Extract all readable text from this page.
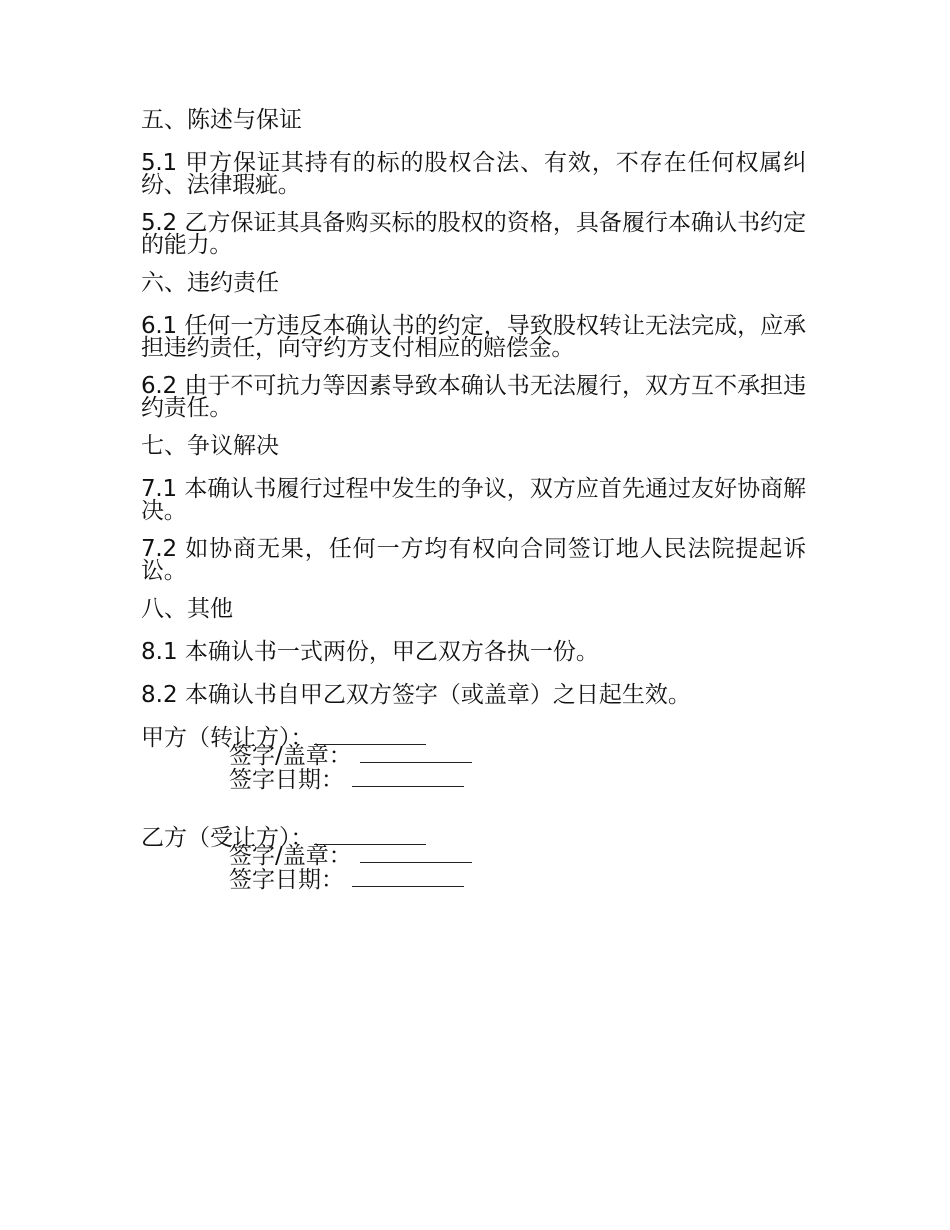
五、陈述与保证
5.1 甲方保证其持有的标的股权合法、有效，不存在任何权属纠纷、法律瑕疵。
5.2 乙方保证其具备购买标的股权的资格，具备履行本确认书约定的能力。
六、违约责任
6.1 任何一方违反本确认书的约定，导致股权转让无法完成，应承担违约责任，向守约方支付相应的赔偿金。
6.2 由于不可抗力等因素导致本确认书无法履行，双方互不承担违约责任。
七、争议解决
7.1 本确认书履行过程中发生的争议，双方应首先通过友好协商解决。
7.2 如协商无果，任何一方均有权向合同签订地人民法院提起诉讼。
八、其他
8.1 本确认书一式两份，甲乙双方各执一份。
8.2 本确认书自甲乙双方签字（或盖章）之日起生效。
甲方（转让方）：
签字/盖章：
签字日期：
乙方（受让方）：
签字/盖章：
签字日期：
